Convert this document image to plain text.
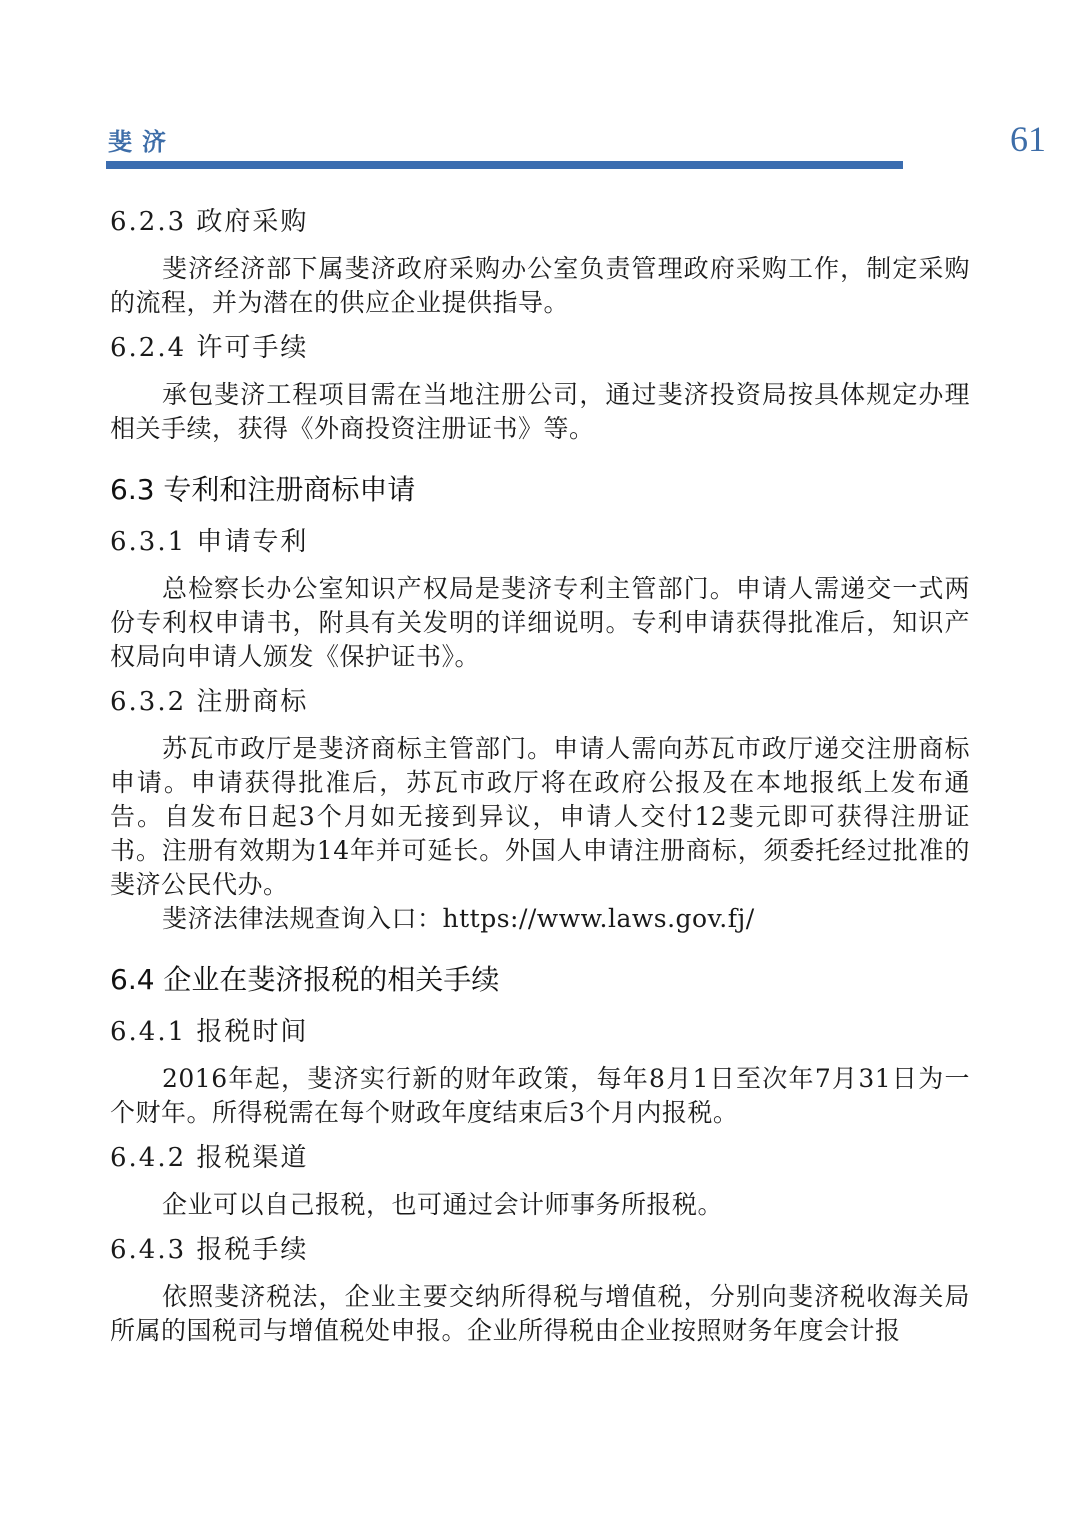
斐济	61
6.2.3 政府采购

斐济经济部下属斐济政府采购办公室负责管理政府采购工作，制定采购的流程，并为潜在的供应企业提供指导。

6.2.4 许可手续

承包斐济工程项目需在当地注册公司，通过斐济投资局按具体规定办理相关手续，获得《外商投资注册证书》等。

6.3 专利和注册商标申请
6.3.1 申请专利

总检察长办公室知识产权局是斐济专利主管部门。申请人需递交一式两份专利权申请书，附具有关发明的详细说明。专利申请获得批准后，知识产权局向申请人颁发《保护证书》。

6.3.2 注册商标

苏瓦市政厅是斐济商标主管部门。申请人需向苏瓦市政厅递交注册商标申请。申请获得批准后，苏瓦市政厅将在政府公报及在本地报纸上发布通告。自发布日起3个月如无接到异议，申请人交付12斐元即可获得注册证书。注册有效期为14年并可延长。外国人申请注册商标，须委托经过批准的斐济公民代办。

斐济法律法规查询入口：https://www.laws.gov.fj/

6.4 企业在斐济报税的相关手续
6.4.1 报税时间

2016年起，斐济实行新的财年政策，每年8月1日至次年7月31日为一个财年。所得税需在每个财政年度结束后3个月内报税。

6.4.2 报税渠道

企业可以自己报税，也可通过会计师事务所报税。

6.4.3 报税手续

依照斐济税法，企业主要交纳所得税与增值税，分别向斐济税收海关局所属的国税司与增值税处申报。企业所得税由企业按照财务年度会计报
